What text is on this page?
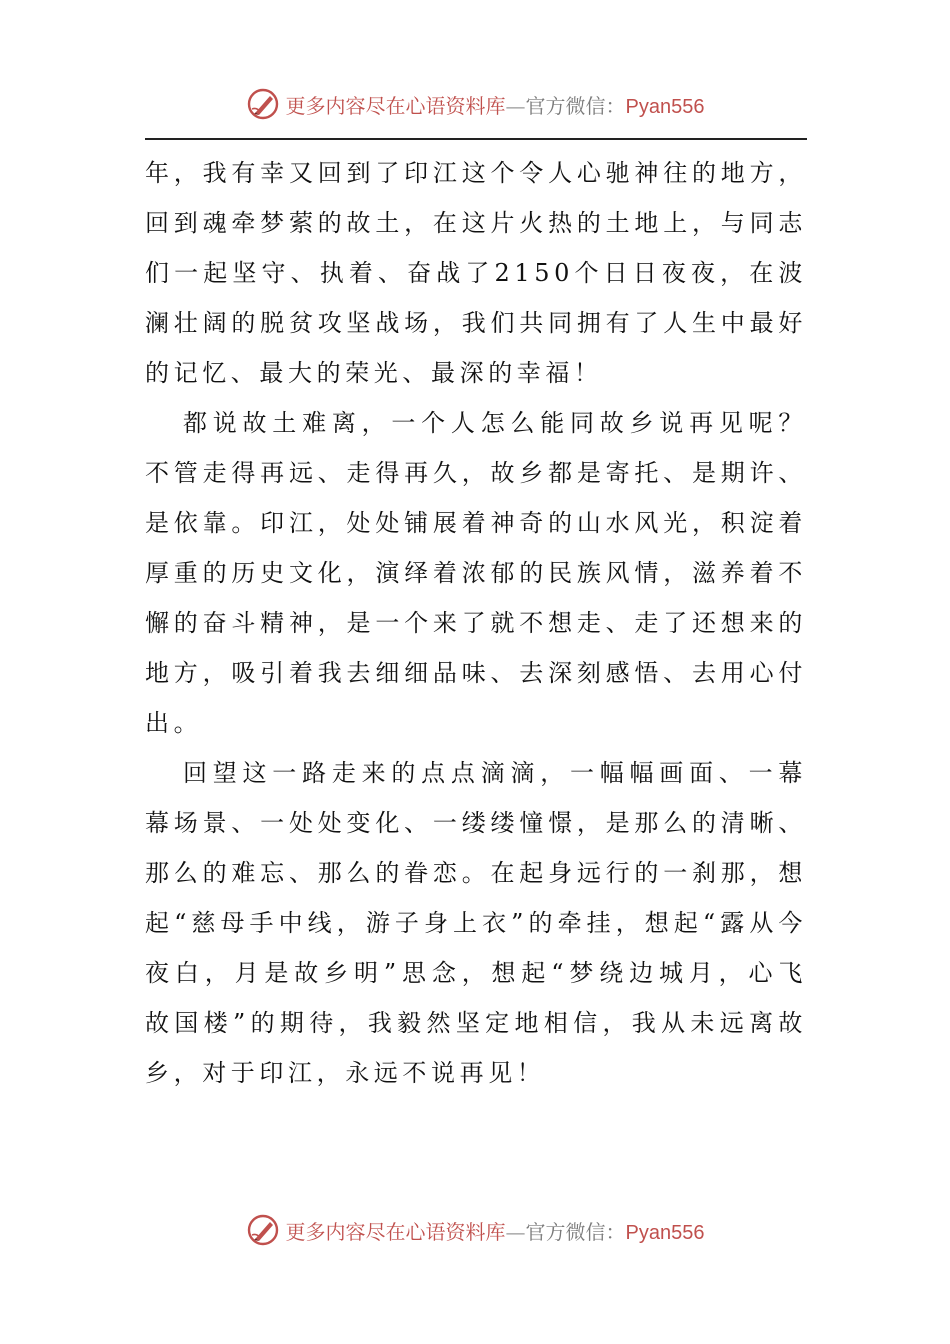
更多内容尽在心语资料库—官方微信：Pyan556

年，我有幸又回到了印江这个令人心驰神往的地方，回到魂牵梦萦的故土，在这片火热的土地上，与同志们一起坚守、执着、奋战了2150个日日夜夜，在波澜壮阔的脱贫攻坚战场，我们共同拥有了人生中最好的记忆、最大的荣光、最深的幸福！

都说故土难离，一个人怎么能同故乡说再见呢？不管走得再远、走得再久，故乡都是寄托、是期许、是依靠。印江，处处铺展着神奇的山水风光，积淀着厚重的历史文化，演绎着浓郁的民族风情，滋养着不懈的奋斗精神，是一个来了就不想走、走了还想来的地方，吸引着我去细细品味、去深刻感悟、去用心付出。

回望这一路走来的点点滴滴，一幅幅画面、一幕幕场景、一处处变化、一缕缕憧憬，是那么的清晰、那么的难忘、那么的眷恋。在起身远行的一刹那，想起“慈母手中线，游子身上衣”的牵挂，想起“露从今夜白，月是故乡明”思念，想起“梦绕边城月，心飞故国楼”的期待，我毅然坚定地相信，我从未远离故乡，对于印江，永远不说再见！

更多内容尽在心语资料库—官方微信：Pyan556
